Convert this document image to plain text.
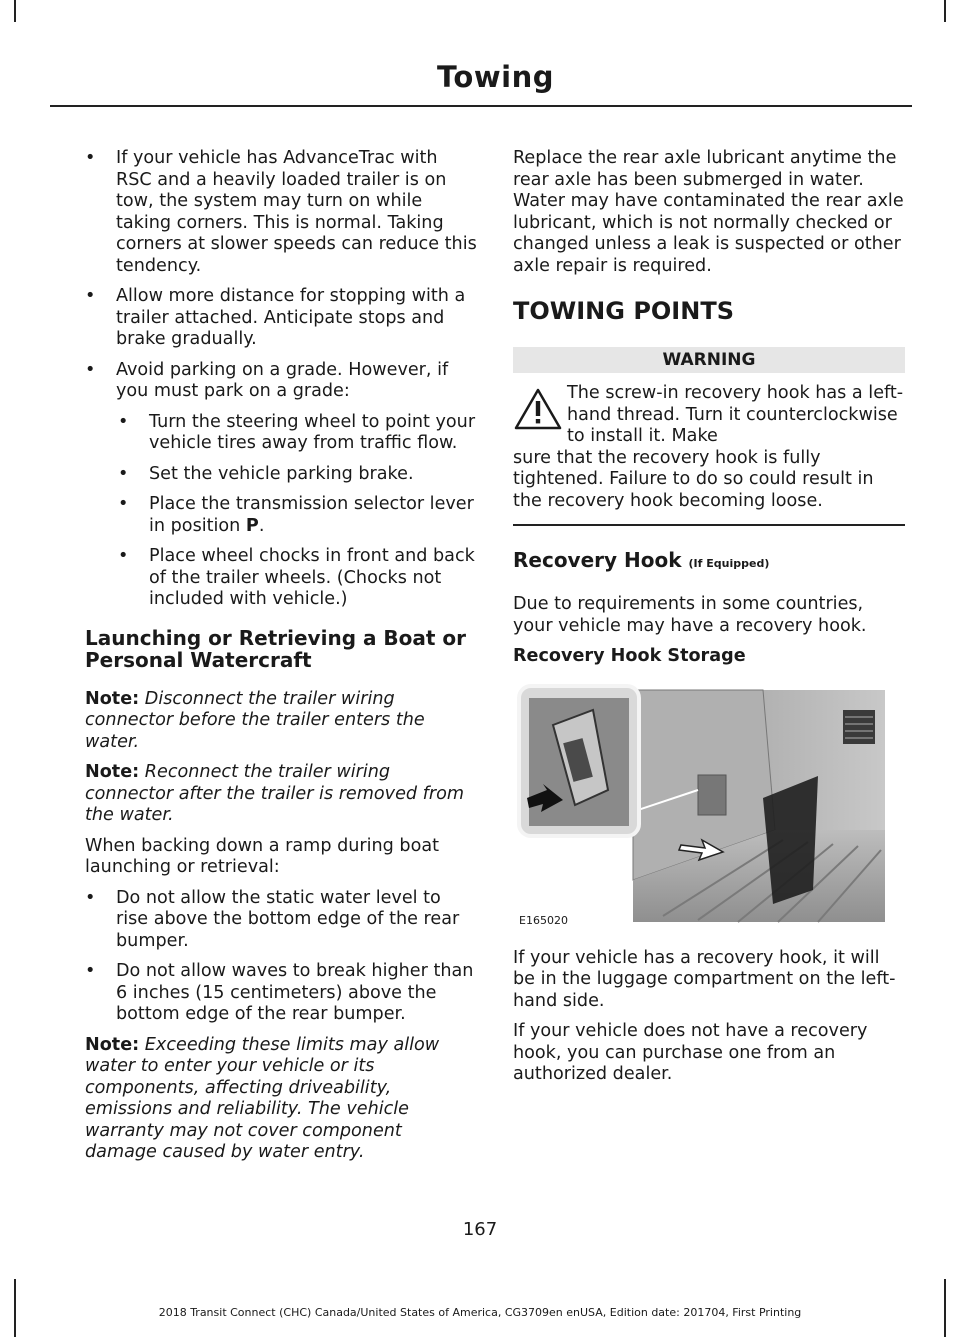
Towing
• If your vehicle has AdvanceTrac with RSC and a heavily loaded trailer is on tow, the system may turn on while taking corners. This is normal. Taking corners at slower speeds can reduce this tendency.
• Allow more distance for stopping with a trailer attached. Anticipate stops and brake gradually.
• Avoid parking on a grade. However, if you must park on a grade:
• Turn the steering wheel to point your vehicle tires away from traffic flow.
• Set the vehicle parking brake.
• Place the transmission selector lever in position P.
• Place wheel chocks in front and back of the trailer wheels. (Chocks not included with vehicle.)
Launching or Retrieving a Boat or Personal Watercraft

Note: Disconnect the trailer wiring connector before the trailer enters the water.

Note: Reconnect the trailer wiring connector after the trailer is removed from the water.

When backing down a ramp during boat launching or retrieval:

• Do not allow the static water level to rise above the bottom edge of the rear bumper.
• Do not allow waves to break higher than 6 inches (15 centimeters) above the bottom edge of the rear bumper.

Note: Exceeding these limits may allow water to enter your vehicle or its components, affecting driveability, emissions and reliability. The vehicle warranty may not cover component damage caused by water entry.

Replace the rear axle lubricant anytime the rear axle has been submerged in water. Water may have contaminated the rear axle lubricant, which is not normally checked or changed unless a leak is suspected or other axle repair is required.

TOWING POINTS
WARNING
The screw-in recovery hook has a left-hand thread. Turn it counterclockwise to install it. Make
sure that the recovery hook is fully tightened. Failure to do so could result in the recovery hook becoming loose.
Recovery Hook (If Equipped)

Due to requirements in some countries, your vehicle may have a recovery hook.

Recovery Hook Storage
E165020

If your vehicle has a recovery hook, it will be in the luggage compartment on the left-hand side.

If your vehicle does not have a recovery hook, you can purchase one from an authorized dealer.

167
2018 Transit Connect (CHC) Canada/United States of America, CG3709en enUSA, Edition date: 201704, First Printing
